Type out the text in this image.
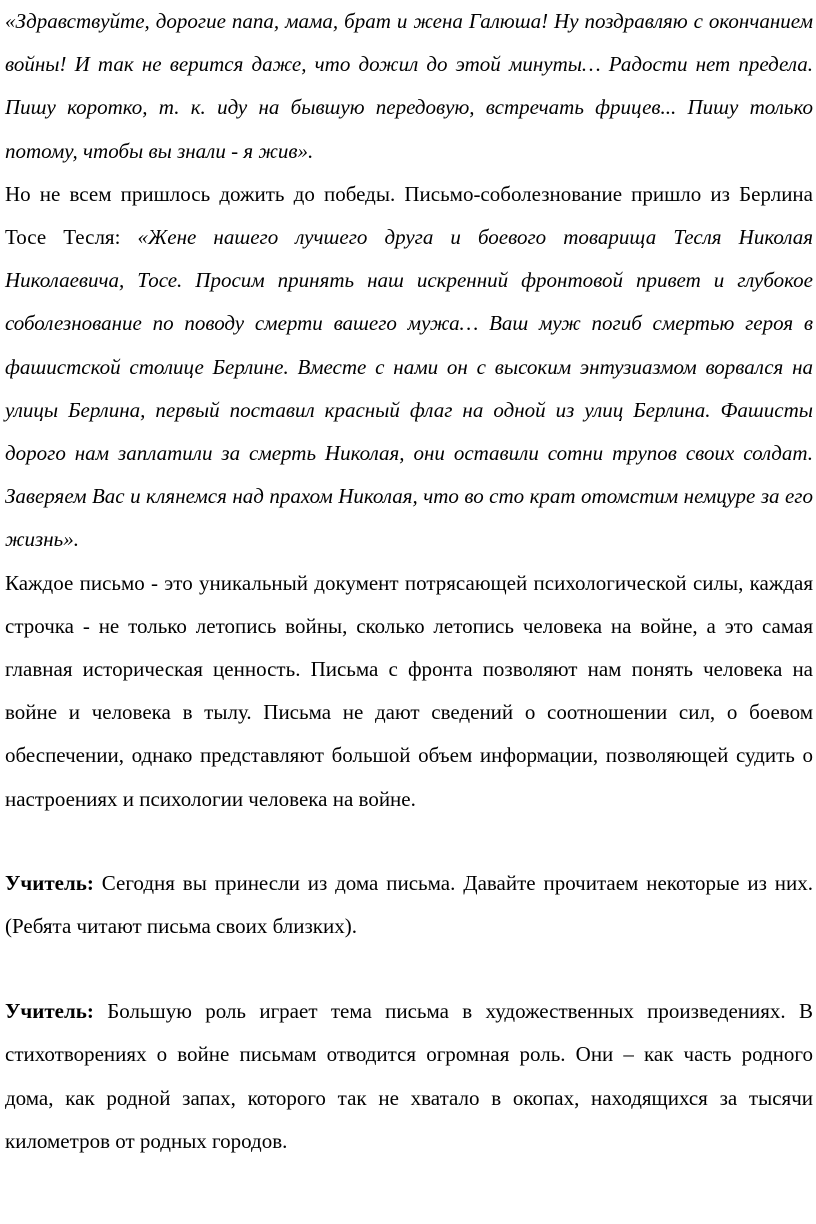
«Здравствуйте, дорогие папа, мама, брат и жена Галюша! Ну поздравляю с окончанием войны! И так не верится даже, что дожил до этой минуты… Радости нет предела. Пишу коротко, т. к. иду на бывшую передовую, встречать фрицев... Пишу только потому, чтобы вы знали - я жив».

Но не всем пришлось дожить до победы. Письмо-соболезнование пришло из Берлина Тосе Тесля: «Жене нашего лучшего друга и боевого товарища Тесля Николая Николаевича, Тосе. Просим принять наш искренний фронтовой привет и глубокое соболезнование по поводу смерти вашего мужа… Ваш муж погиб смертью героя в фашистской столице Берлине. Вместе с нами он с высоким энтузиазмом ворвался на улицы Берлина, первый поставил красный флаг на одной из улиц Берлина. Фашисты дорого нам заплатили за смерть Николая, они оставили сотни трупов своих солдат. Заверяем Вас и клянемся над прахом Николая, что во сто крат отомстим немцуре за его жизнь».

Каждое письмо - это уникальный документ потрясающей психологической силы, каждая строчка - не только летопись войны, сколько летопись человека на войне, а это самая главная историческая ценность. Письма с фронта позволяют нам понять человека на войне и человека в тылу. Письма не дают сведений о соотношении сил, о боевом обеспечении, однако представляют большой объем информации, позволяющей судить о настроениях и психологии человека на войне.

Учитель: Сегодня вы принесли из дома письма. Давайте прочитаем некоторые из них. (Ребята читают письма своих близких).

Учитель: Большую роль играет тема письма в художественных произведениях. В стихотворениях о войне письмам отводится огромная роль. Они – как часть родного дома, как родной запах, которого так не хватало в окопах, находящихся за тысячи километров от родных городов.
